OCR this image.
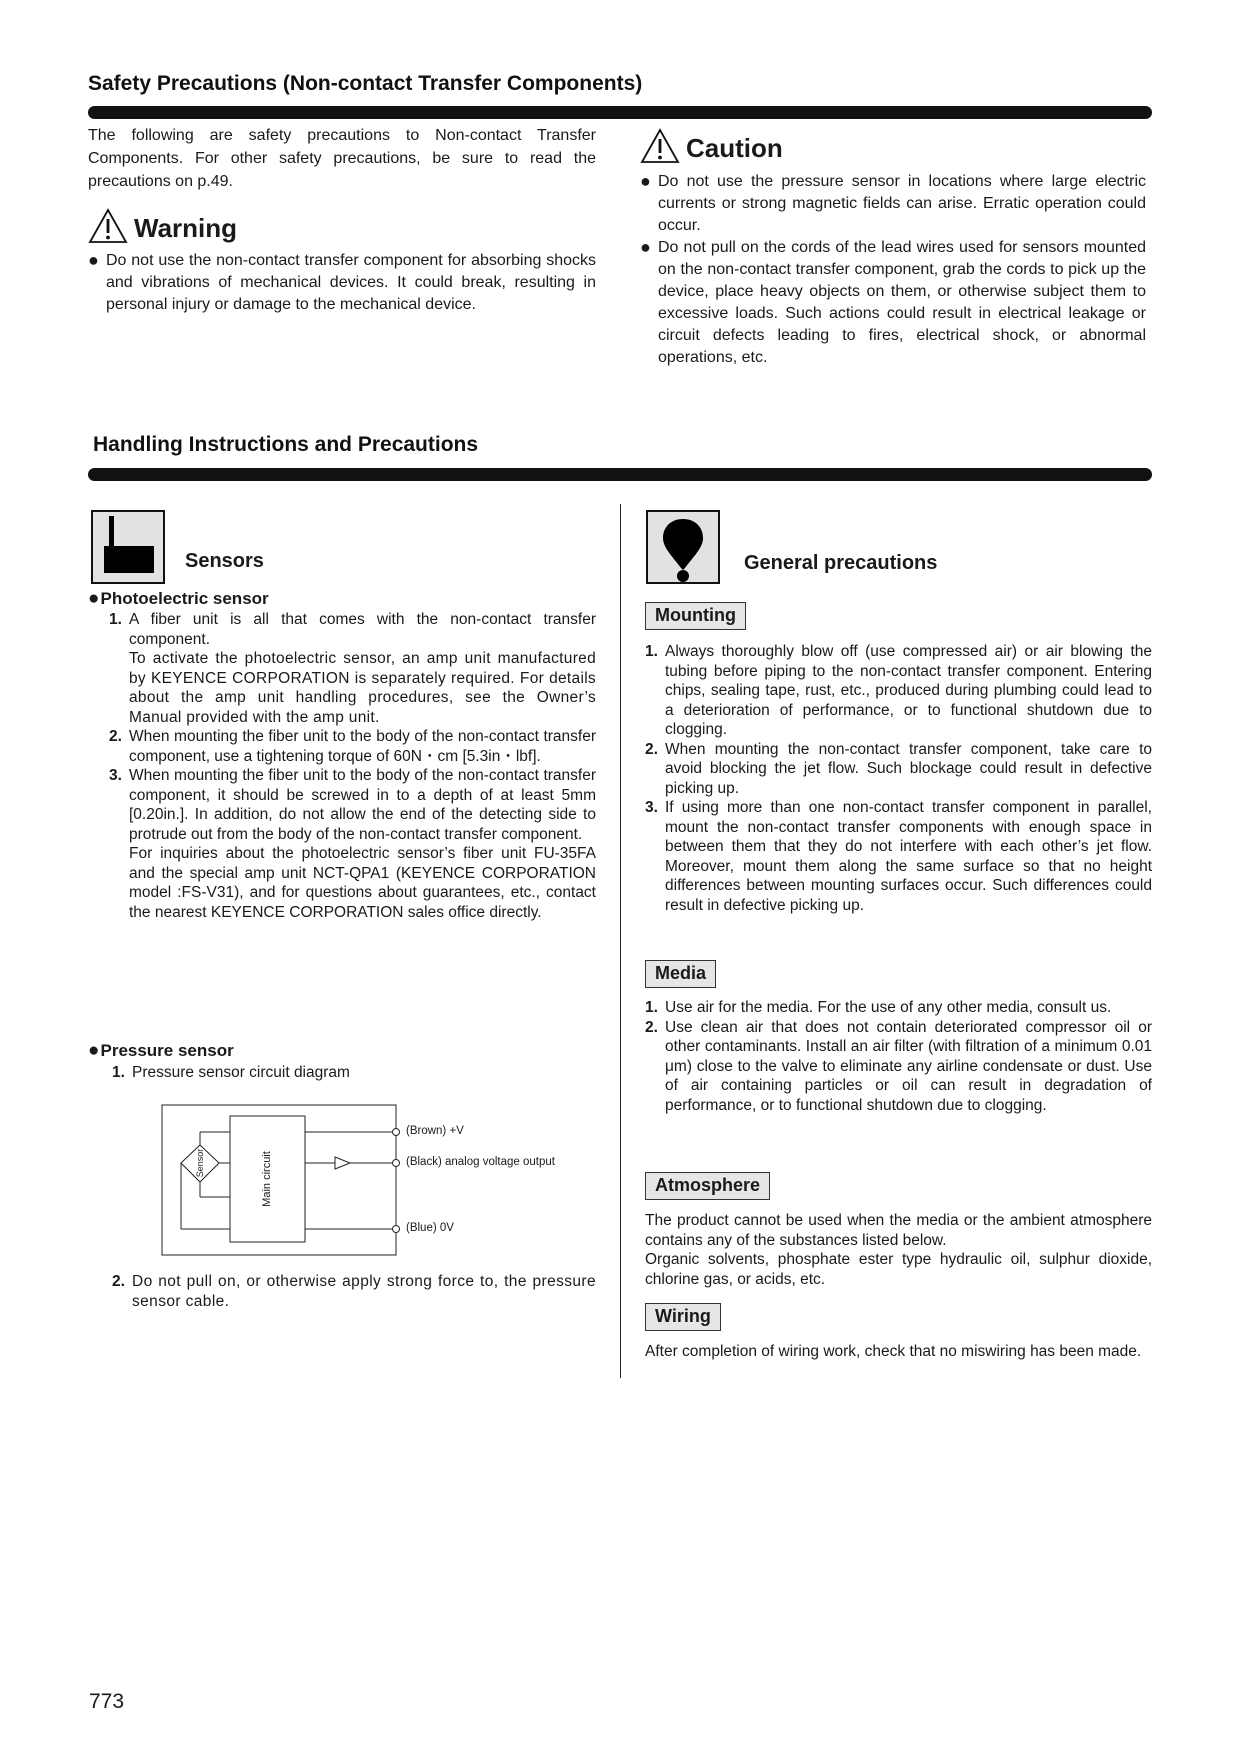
Safety Precautions (Non-contact Transfer Components)
The following are safety precautions to Non-contact Transfer Components. For other safety precautions, be sure to read the precautions on p.49.
Warning
● Do not use the non-contact transfer component for absorbing shocks and vibrations of mechanical devices. It could break, resulting in personal injury or damage to the mechanical device.
Caution
● Do not use the pressure sensor in locations where large electric currents or strong magnetic fields can arise. Erratic operation could occur.
● Do not pull on the cords of the lead wires used for sensors mounted on the non-contact transfer component, grab the cords to pick up the device, place heavy objects on them, or otherwise subject them to excessive loads. Such actions could result in electrical leakage or circuit defects leading to fires, electrical shock, or abnormal operations, etc.
Handling Instructions and Precautions
Sensors
● Photoelectric sensor
1. A fiber unit is all that comes with the non-contact transfer component.

To activate the photoelectric sensor, an amp unit manufactured by KEYENCE CORPORATION is separately required. For details about the amp unit handling procedures, see the Owner’s Manual provided with the amp unit.

2. When mounting the fiber unit to the body of the non-contact transfer component, use a tightening torque of 60N・cm [5.3in・lbf].

3. When mounting the fiber unit to the body of the non-contact transfer component, it should be screwed in to a depth of at least 5mm [0.20in.]. In addition, do not allow the end of the detecting side to protrude out from the body of the non-contact transfer component.

For inquiries about the photoelectric sensor’s fiber unit FU-35FA and the special amp unit NCT-QPA1 (KEYENCE CORPORATION model :FS-V31), and for questions about guarantees, etc., contact the nearest KEYENCE CORPORATION sales office directly.

● Pressure sensor
1. Pressure sensor circuit diagram
Sensor	Main circuit
(Brown) +V
(Black) analog voltage output
(Blue) 0V
2. Do not pull on, or otherwise apply strong force to, the pressure sensor cable.
General precautions
Mounting
1. Always thoroughly blow off (use compressed air) or air blowing the tubing before piping to the non-contact transfer component. Entering chips, sealing tape, rust, etc., produced during plumbing could lead to a deterioration of performance, or to functional shutdown due to clogging.
2. When mounting the non-contact transfer component, take care to avoid blocking the jet flow. Such blockage could result in defective picking up.
3. If using more than one non-contact transfer component in parallel, mount the non-contact transfer components with enough space in between them that they do not interfere with each other’s jet flow. Moreover, mount them along the same surface so that no height differences between mounting surfaces occur. Such differences could result in defective picking up.
Media
1. Use air for the media. For the use of any other media, consult us.
2. Use clean air that does not contain deteriorated compressor oil or other contaminants. Install an air filter (with filtration of a minimum 0.01 μm) close to the valve to eliminate any airline condensate or dust. Use of air containing particles or oil can result in degradation of performance, or to functional shutdown due to clogging.
Atmosphere
The product cannot be used when the media or the ambient atmosphere contains any of the substances listed below.
Organic solvents, phosphate ester type hydraulic oil, sulphur dioxide, chlorine gas, or acids, etc.
Wiring
After completion of wiring work, check that no miswiring has been made.
773
